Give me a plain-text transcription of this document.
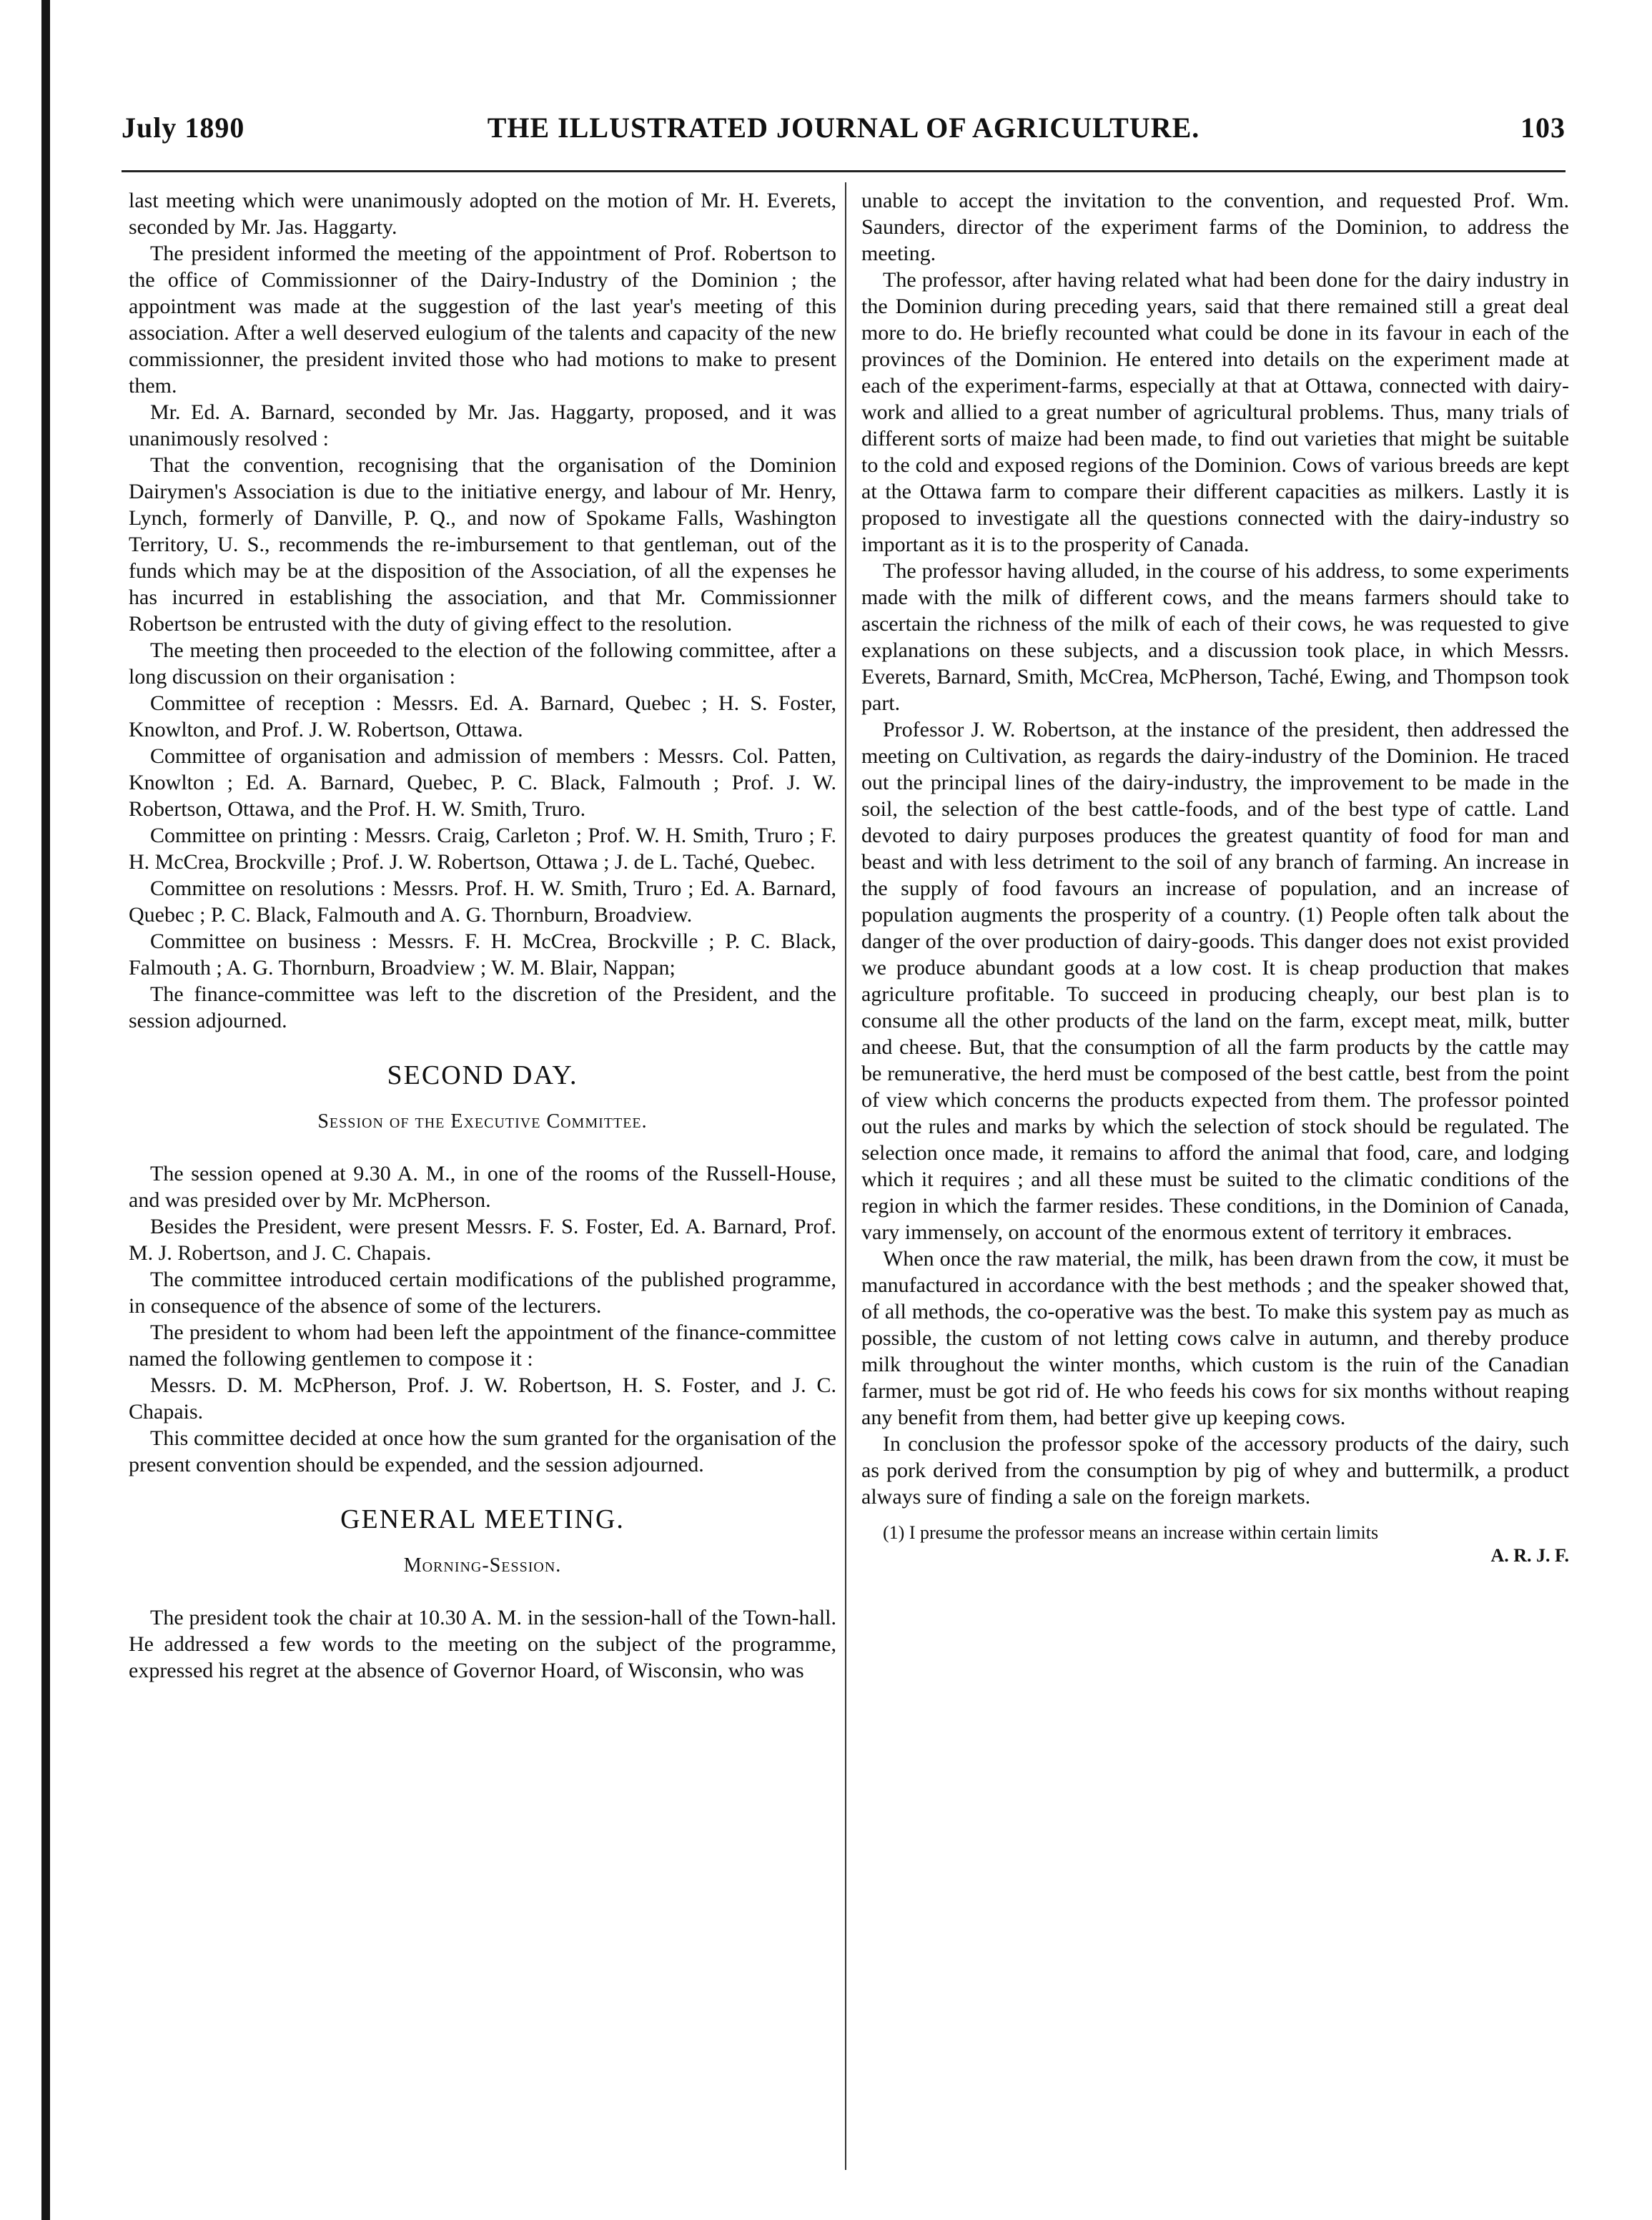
July 1890	THE ILLUSTRATED JOURNAL OF AGRICULTURE.	103

last meeting which were unanimously adopted on the motion of Mr. H. Everets, seconded by Mr. Jas. Haggarty.

The president informed the meeting of the appointment of Prof. Robertson to the office of Commissionner of the Dairy-Industry of the Dominion ; the appointment was made at the suggestion of the last year's meeting of this association. After a well deserved eulogium of the talents and capacity of the new commissionner, the president invited those who had motions to make to present them.

Mr. Ed. A. Barnard, seconded by Mr. Jas. Haggarty, proposed, and it was unanimously resolved :

That the convention, recognising that the organisation of the Dominion Dairymen's Association is due to the initiative energy, and labour of Mr. Henry, Lynch, formerly of Danville, P. Q., and now of Spokame Falls, Washington Territory, U. S., recommends the re-imbursement to that gentleman, out of the funds which may be at the disposition of the Association, of all the expenses he has incurred in establishing the association, and that Mr. Commissionner Robertson be entrusted with the duty of giving effect to the resolution.

The meeting then proceeded to the election of the following committee, after a long discussion on their organisation :

Committee of reception : Messrs. Ed. A. Barnard, Quebec ; H. S. Foster, Knowlton, and Prof. J. W. Robertson, Ottawa.

Committee of organisation and admission of members : Messrs. Col. Patten, Knowlton ; Ed. A. Barnard, Quebec, P. C. Black, Falmouth ; Prof. J. W. Robertson, Ottawa, and the Prof. H. W. Smith, Truro.

Committee on printing : Messrs. Craig, Carleton ; Prof. W. H. Smith, Truro ; F. H. McCrea, Brockville ; Prof. J. W. Robertson, Ottawa ; J. de L. Taché, Quebec.

Committee on resolutions : Messrs. Prof. H. W. Smith, Truro ; Ed. A. Barnard, Quebec ; P. C. Black, Falmouth and A. G. Thornburn, Broadview.

Committee on business : Messrs. F. H. McCrea, Brockville ; P. C. Black, Falmouth ; A. G. Thornburn, Broadview ; W. M. Blair, Nappan;

The finance-committee was left to the discretion of the President, and the session adjourned.

SECOND DAY.
Session of the Executive Committee.

The session opened at 9.30 A. M., in one of the rooms of the Russell-House, and was presided over by Mr. McPherson.

Besides the President, were present Messrs. F. S. Foster, Ed. A. Barnard, Prof. M. J. Robertson, and J. C. Chapais.

The committee introduced certain modifications of the published programme, in consequence of the absence of some of the lecturers.

The president to whom had been left the appointment of the finance-committee named the following gentlemen to compose it :

Messrs. D. M. McPherson, Prof. J. W. Robertson, H. S. Foster, and J. C. Chapais.

This committee decided at once how the sum granted for the organisation of the present convention should be expended, and the session adjourned.

GENERAL MEETING.
Morning-Session.

The president took the chair at 10.30 A. M. in the session-hall of the Town-hall. He addressed a few words to the meeting on the subject of the programme, expressed his regret at the absence of Governor Hoard, of Wisconsin, who was

unable to accept the invitation to the convention, and requested Prof. Wm. Saunders, director of the experiment farms of the Dominion, to address the meeting.

The professor, after having related what had been done for the dairy industry in the Dominion during preceding years, said that there remained still a great deal more to do. He briefly recounted what could be done in its favour in each of the provinces of the Dominion. He entered into details on the experiment made at each of the experiment-farms, especially at that at Ottawa, connected with dairy-work and allied to a great number of agricultural problems. Thus, many trials of different sorts of maize had been made, to find out varieties that might be suitable to the cold and exposed regions of the Dominion. Cows of various breeds are kept at the Ottawa farm to compare their different capacities as milkers. Lastly it is proposed to investigate all the questions connected with the dairy-industry so important as it is to the prosperity of Canada.

The professor having alluded, in the course of his address, to some experiments made with the milk of different cows, and the means farmers should take to ascertain the richness of the milk of each of their cows, he was requested to give explanations on these subjects, and a discussion took place, in which Messrs. Everets, Barnard, Smith, McCrea, McPherson, Taché, Ewing, and Thompson took part.

Professor J. W. Robertson, at the instance of the president, then addressed the meeting on Cultivation, as regards the dairy-industry of the Dominion. He traced out the principal lines of the dairy-industry, the improvement to be made in the soil, the selection of the best cattle-foods, and of the best type of cattle. Land devoted to dairy purposes produces the greatest quantity of food for man and beast and with less detriment to the soil of any branch of farming. An increase in the supply of food favours an increase of population, and an increase of population augments the prosperity of a country. (1) People often talk about the danger of the over production of dairy-goods. This danger does not exist provided we produce abundant goods at a low cost. It is cheap production that makes agriculture profitable. To succeed in producing cheaply, our best plan is to consume all the other products of the land on the farm, except meat, milk, butter and cheese. But, that the consumption of all the farm products by the cattle may be remunerative, the herd must be composed of the best cattle, best from the point of view which concerns the products expected from them. The professor pointed out the rules and marks by which the selection of stock should be regulated. The selection once made, it remains to afford the animal that food, care, and lodging which it requires ; and all these must be suited to the climatic conditions of the region in which the farmer resides. These conditions, in the Dominion of Canada, vary immensely, on account of the enormous extent of territory it embraces.

When once the raw material, the milk, has been drawn from the cow, it must be manufactured in accordance with the best methods ; and the speaker showed that, of all methods, the co-operative was the best. To make this system pay as much as possible, the custom of not letting cows calve in autumn, and thereby produce milk throughout the winter months, which custom is the ruin of the Canadian farmer, must be got rid of. He who feeds his cows for six months without reaping any benefit from them, had better give up keeping cows.

In conclusion the professor spoke of the accessory products of the dairy, such as pork derived from the consumption by pig of whey and buttermilk, a product always sure of finding a sale on the foreign markets.

(1) I presume the professor means an increase within certain limits

A. R. J. F.
